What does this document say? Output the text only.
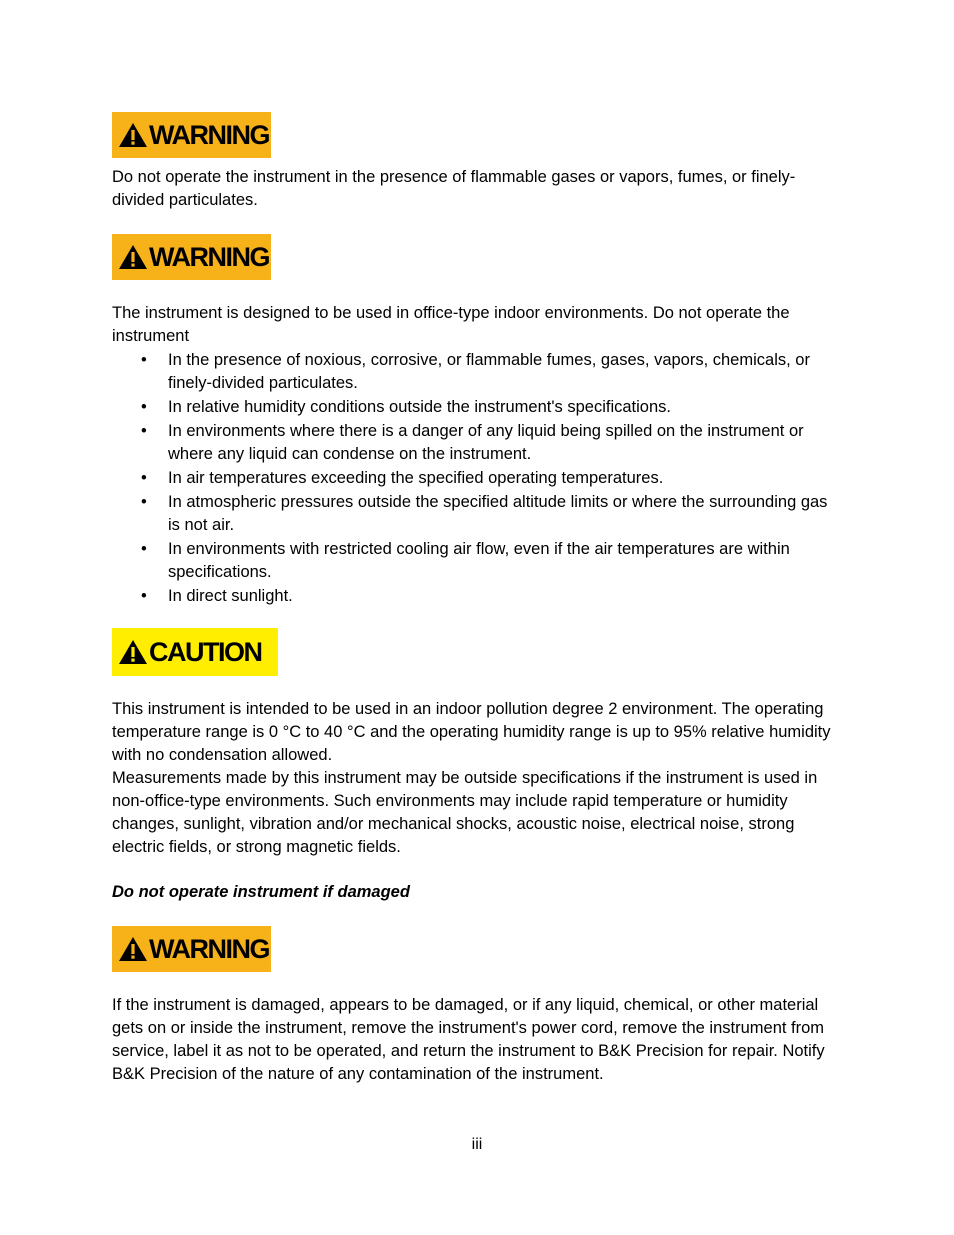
WARNING

Do not operate the instrument in the presence of flammable gases or vapors, fumes, or finely-divided particulates.

WARNING

The instrument is designed to be used in office-type indoor environments. Do not operate the instrument

• In the presence of noxious, corrosive, or flammable fumes, gases, vapors, chemicals, or finely-divided particulates.
• In relative humidity conditions outside the instrument's specifications.
• In environments where there is a danger of any liquid being spilled on the instrument or where any liquid can condense on the instrument.
• In air temperatures exceeding the specified operating temperatures.
• In atmospheric pressures outside the specified altitude limits or where the surrounding gas is not air.
• In environments with restricted cooling air flow, even if the air temperatures are within specifications.
• In direct sunlight.
CAUTION

This instrument is intended to be used in an indoor pollution degree 2 environment. The operating temperature range is 0 °C to 40 °C and the operating humidity range is up to 95% relative humidity with no condensation allowed.

Measurements made by this instrument may be outside specifications if the instrument is used in non-office-type environments. Such environments may include rapid temperature or humidity changes, sunlight, vibration and/or mechanical shocks, acoustic noise, electrical noise, strong electric fields, or strong magnetic fields.

Do not operate instrument if damaged
WARNING

If the instrument is damaged, appears to be damaged, or if any liquid, chemical, or other material gets on or inside the instrument, remove the instrument's power cord, remove the instrument from service, label it as not to be operated, and return the instrument to B&K Precision for repair. Notify B&K Precision of the nature of any contamination of the instrument.

iii
